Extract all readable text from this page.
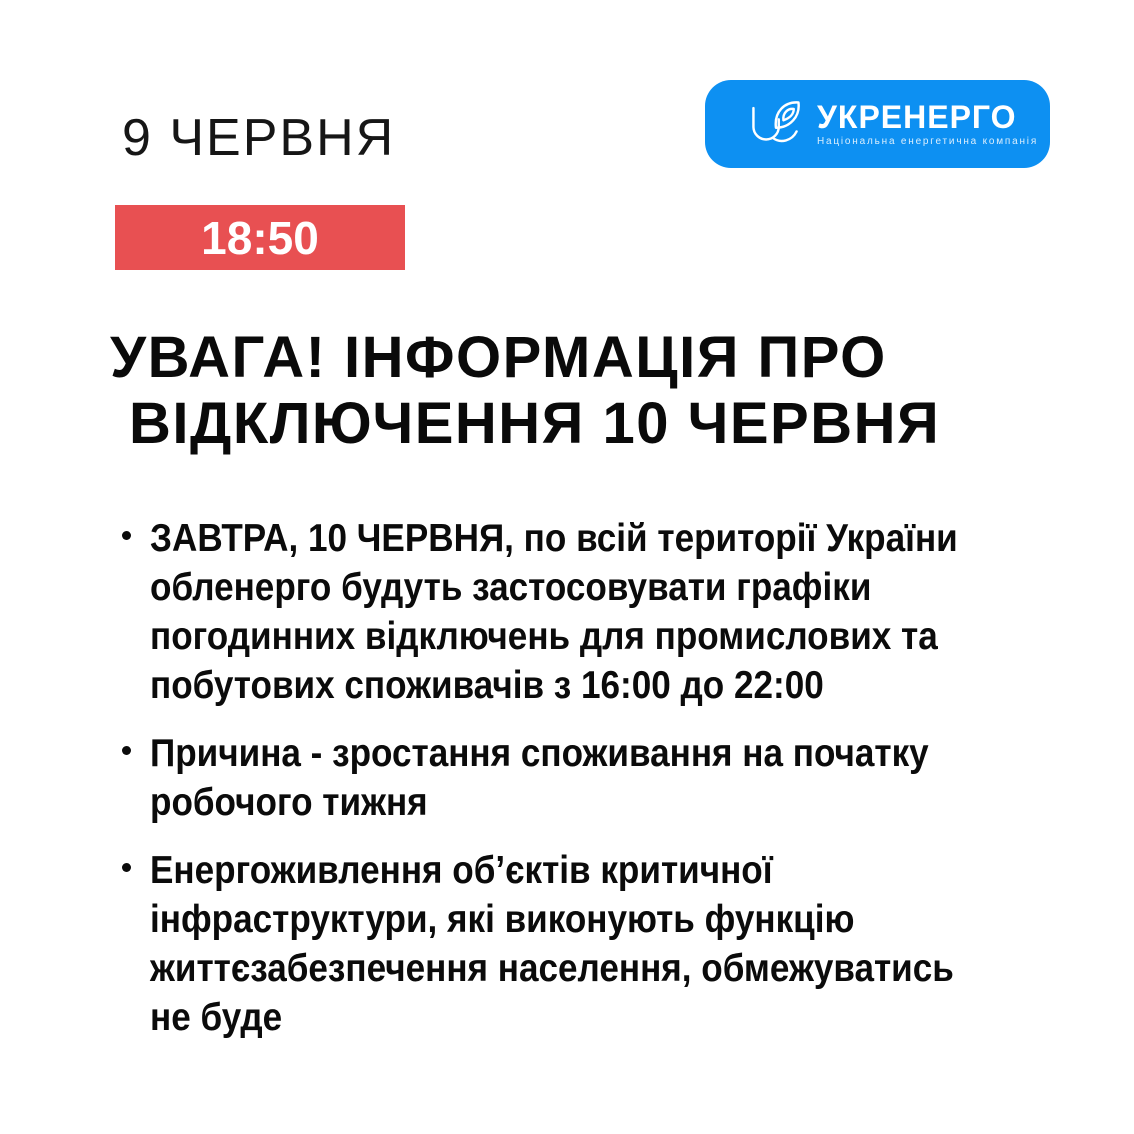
9 ЧЕРВНЯ	УКРЕНЕРГО
Національна енергетична компанія
18:50
УВАГА! ІНФОРМАЦІЯ ПРО
ВІДКЛЮЧЕННЯ 10 ЧЕРВНЯ
ЗАВТРА, 10 ЧЕРВНЯ, по всій території України
обленерго будуть застосовувати графіки
погодинних відключень для промислових та
побутових споживачів з 16:00 до 22:00
Причина - зростання споживання на початку
робочого тижня
Енергоживлення об’єктів критичної
інфраструктури, які виконують функцію
життєзабезпечення населення, обмежуватись
не буде
